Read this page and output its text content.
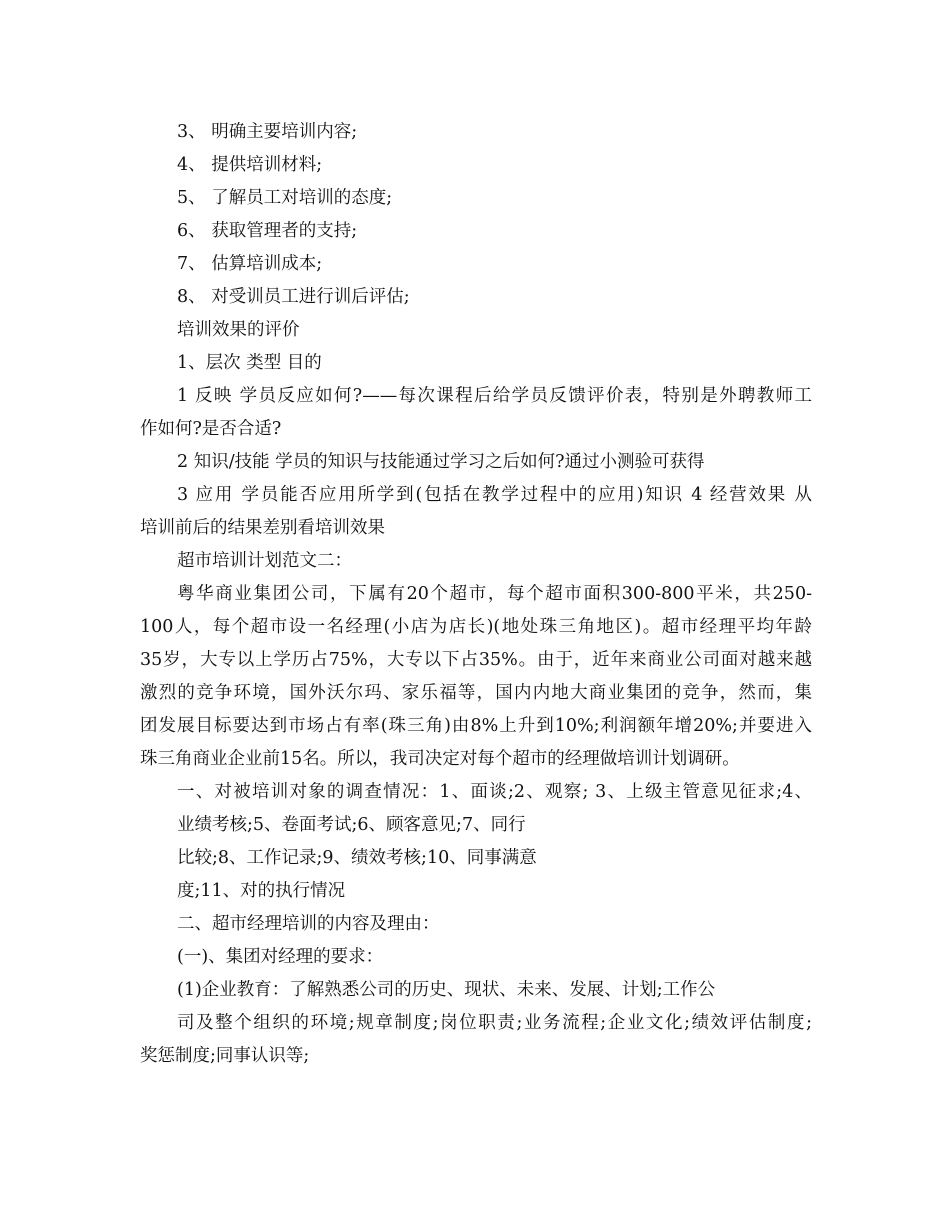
3、 明确主要培训内容;
4、 提供培训材料;
5、 了解员工对培训的态度;
6、 获取管理者的支持;
7、 估算培训成本;
8、 对受训员工进行训后评估;
培训效果的评价
1、层次 类型 目的
1 反映 学员反应如何?——每次课程后给学员反馈评价表，特别是外聘教师工
作如何?是否合适?
2 知识/技能 学员的知识与技能通过学习之后如何?通过小测验可获得
3 应用 学员能否应用所学到(包括在教学过程中的应用)知识 4 经营效果 从
培训前后的结果差别看培训效果
超市培训计划范文二：
粤华商业集团公司，下属有20个超市，每个超市面积300-800平米，共250-
100人，每个超市设一名经理(小店为店长)(地处珠三角地区)。超市经理平均年龄
35岁，大专以上学历占75%，大专以下占35%。由于，近年来商业公司面对越来越
激烈的竞争环境，国外沃尔玛、家乐福等，国内内地大商业集团的竞争，然而，集
团发展目标要达到市场占有率(珠三角)由8%上升到10%;利润额年增20%;并要进入
珠三角商业企业前15名。所以，我司决定对每个超市的经理做培训计划调研。
一、对被培训对象的调查情况：1、面谈;2、观察; 3、上级主管意见征求;4、
业绩考核;5、卷面考试;6、顾客意见;7、同行
比较;8、工作记录;9、绩效考核;10、同事满意
度;11、对的执行情况
二、超市经理培训的内容及理由：
(一)、集团对经理的要求：
(1)企业教育：了解熟悉公司的历史、现状、未来、发展、计划;工作公
司及整个组织的环境;规章制度;岗位职责;业务流程;企业文化;绩效评估制度;
奖惩制度;同事认识等;
